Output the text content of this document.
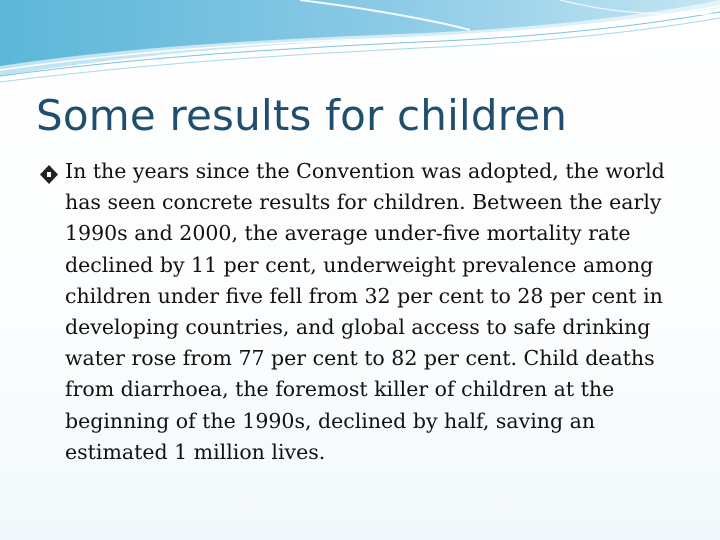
Some results for children
In the years since the Convention was adopted, the world has seen concrete results for children. Between the early 1990s and 2000, the average under-five mortality rate declined by 11 per cent, underweight prevalence among children under five fell from 32 per cent to 28 per cent in developing countries, and global access to safe drinking water rose from 77 per cent to 82 per cent. Child deaths from diarrhoea, the foremost killer of children at the beginning of the 1990s, declined by half, saving an estimated 1 million lives.
